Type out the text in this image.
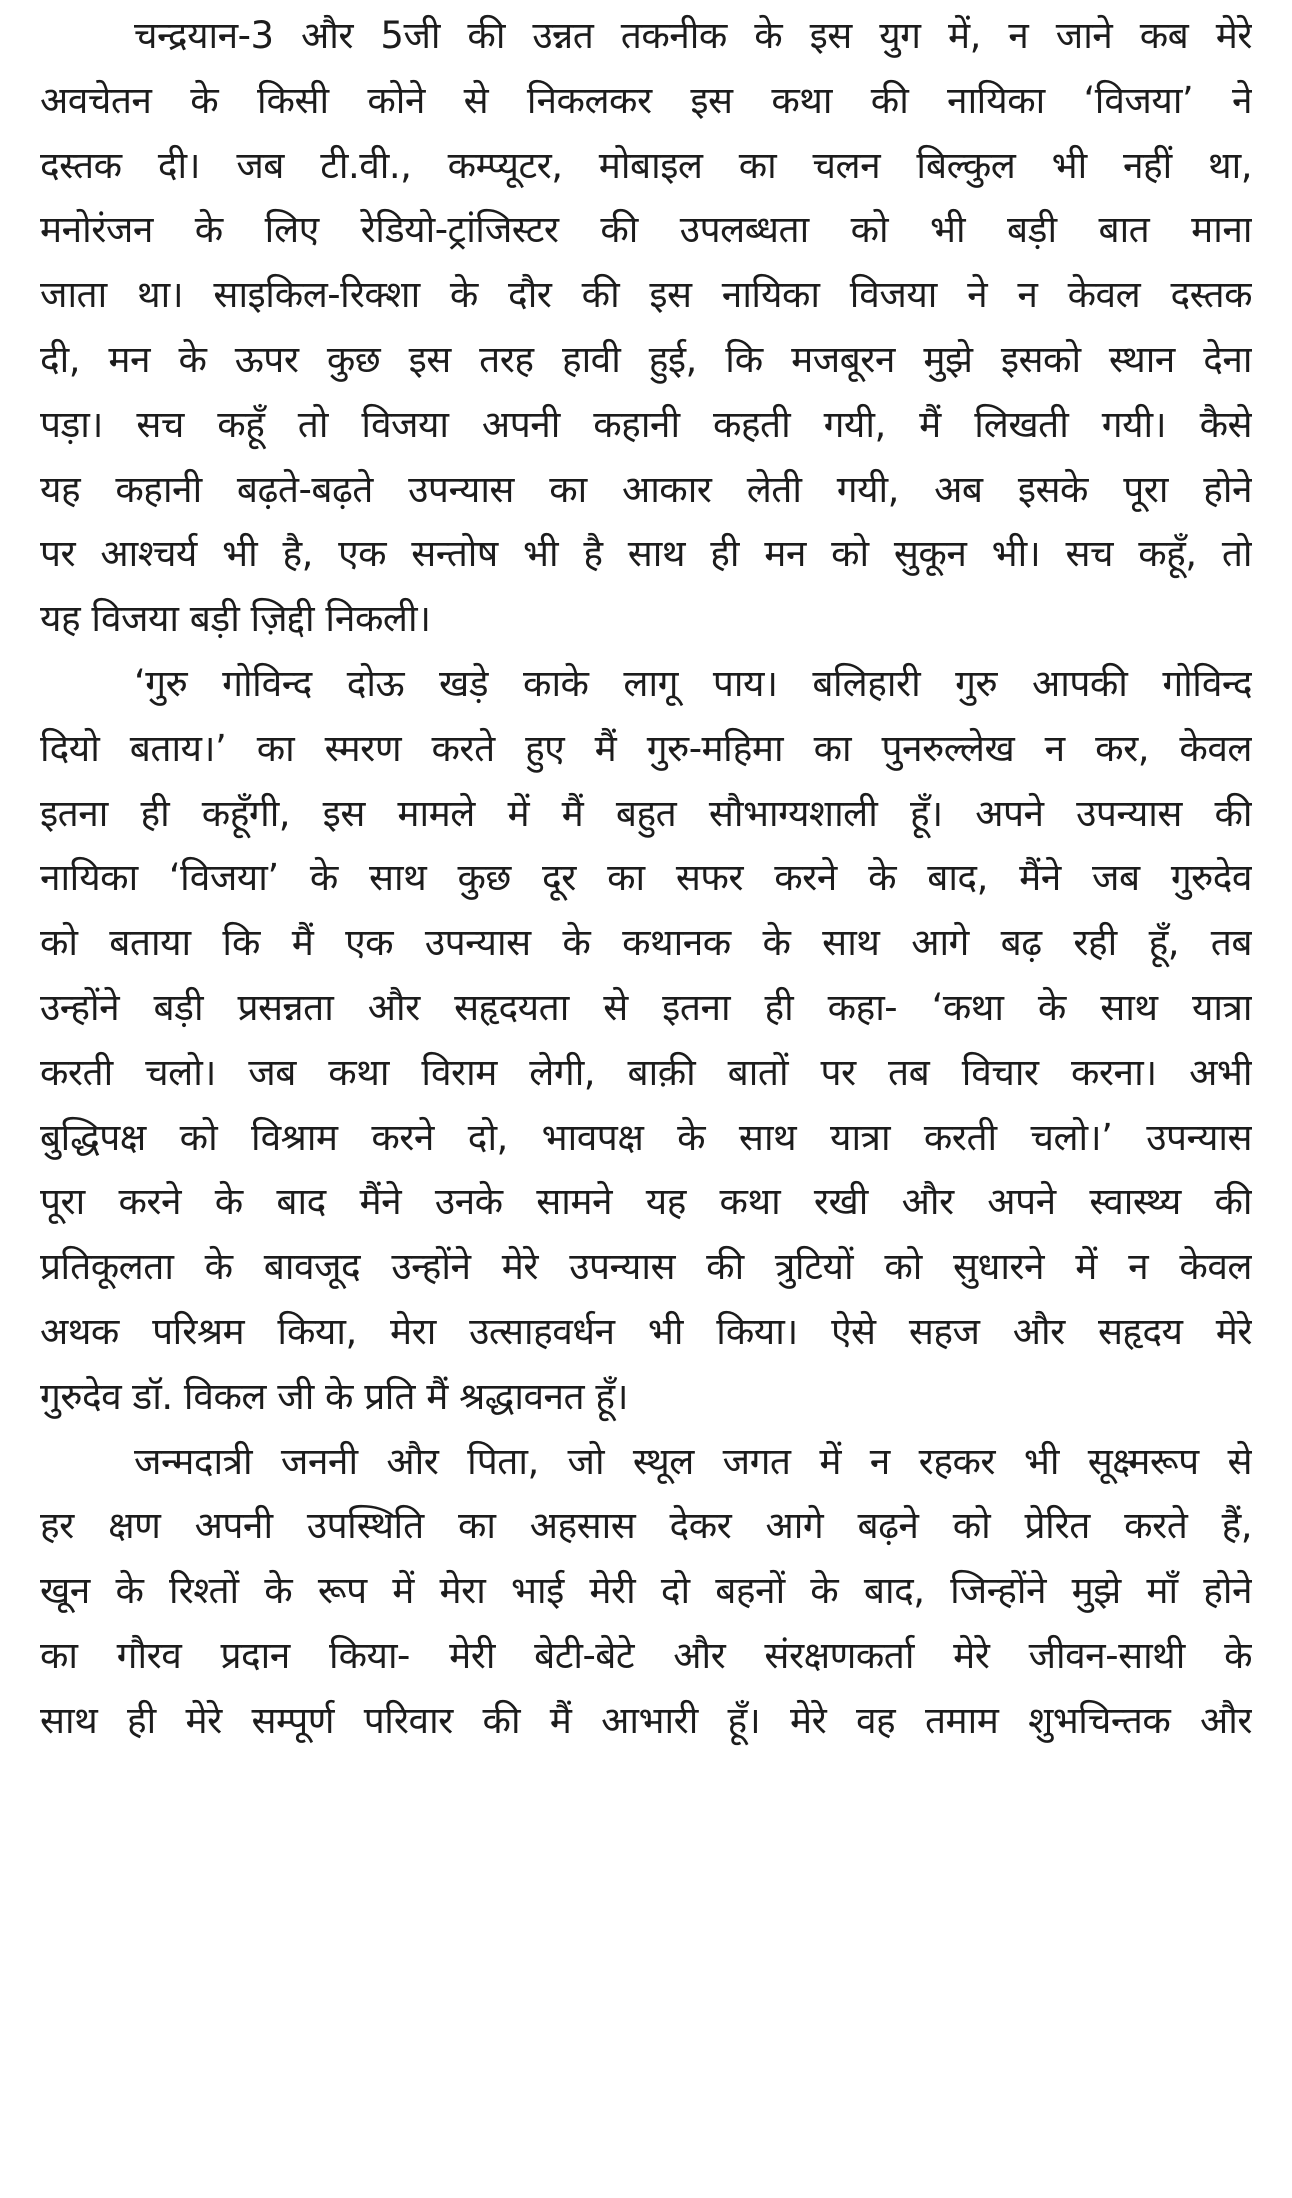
चन्द्रयान-3 और 5जी की उन्नत तकनीक के इस युग में, न जाने कब मेरे
अवचेतन के किसी कोने से निकलकर इस कथा की नायिका ‘विजया’ ने
दस्तक दी। जब टी.वी., कम्प्यूटर, मोबाइल का चलन बिल्कुल भी नहीं था,
मनोरंजन के लिए रेडियो-ट्रांजिस्टर की उपलब्धता को भी बड़ी बात माना
जाता था। साइकिल-रिक्शा के दौर की इस नायिका विजया ने न केवल दस्तक
दी, मन के ऊपर कुछ इस तरह हावी हुई, कि मजबूरन मुझे इसको स्थान देना
पड़ा। सच कहूँ तो विजया अपनी कहानी कहती गयी, मैं लिखती गयी। कैसे
यह कहानी बढ़ते-बढ़ते उपन्यास का आकार लेती गयी, अब इसके पूरा होने
पर आश्चर्य भी है, एक सन्तोष भी है साथ ही मन को सुकून भी। सच कहूँ, तो
यह विजया बड़ी ज़िद्दी निकली।
‘गुरु गोविन्द दोऊ खड़े काके लागू पाय। बलिहारी गुरु आपकी गोविन्द
दियो बताय।’ का स्मरण करते हुए मैं गुरु-महिमा का पुनरुल्लेख न कर, केवल
इतना ही कहूँगी, इस मामले में मैं बहुत सौभाग्यशाली हूँ। अपने उपन्यास की
नायिका ‘विजया’ के साथ कुछ दूर का सफर करने के बाद, मैंने जब गुरुदेव
को बताया कि मैं एक उपन्यास के कथानक के साथ आगे बढ़ रही हूँ, तब
उन्होंने बड़ी प्रसन्नता और सहृदयता से इतना ही कहा- ‘कथा के साथ यात्रा
करती चलो। जब कथा विराम लेगी, बाक़ी बातों पर तब विचार करना। अभी
बुद्धिपक्ष को विश्राम करने दो, भावपक्ष के साथ यात्रा करती चलो।’ उपन्यास
पूरा करने के बाद मैंने उनके सामने यह कथा रखी और अपने स्वास्थ्य की
प्रतिकूलता के बावजूद उन्होंने मेरे उपन्यास की त्रुटियों को सुधारने में न केवल
अथक परिश्रम किया, मेरा उत्साहवर्धन भी किया। ऐसे सहज और सहृदय मेरे
गुरुदेव डॉ. विकल जी के प्रति मैं श्रद्धावनत हूँ।
जन्मदात्री जननी और पिता, जो स्थूल जगत में न रहकर भी सूक्ष्मरूप से
हर क्षण अपनी उपस्थिति का अहसास देकर आगे बढ़ने को प्रेरित करते हैं,
खून के रिश्तों के रूप में मेरा भाई मेरी दो बहनों के बाद, जिन्होंने मुझे माँ होने
का गौरव प्रदान किया- मेरी बेटी-बेटे और संरक्षणकर्ता मेरे जीवन-साथी के
साथ ही मेरे सम्पूर्ण परिवार की मैं आभारी हूँ। मेरे वह तमाम शुभचिन्तक और
